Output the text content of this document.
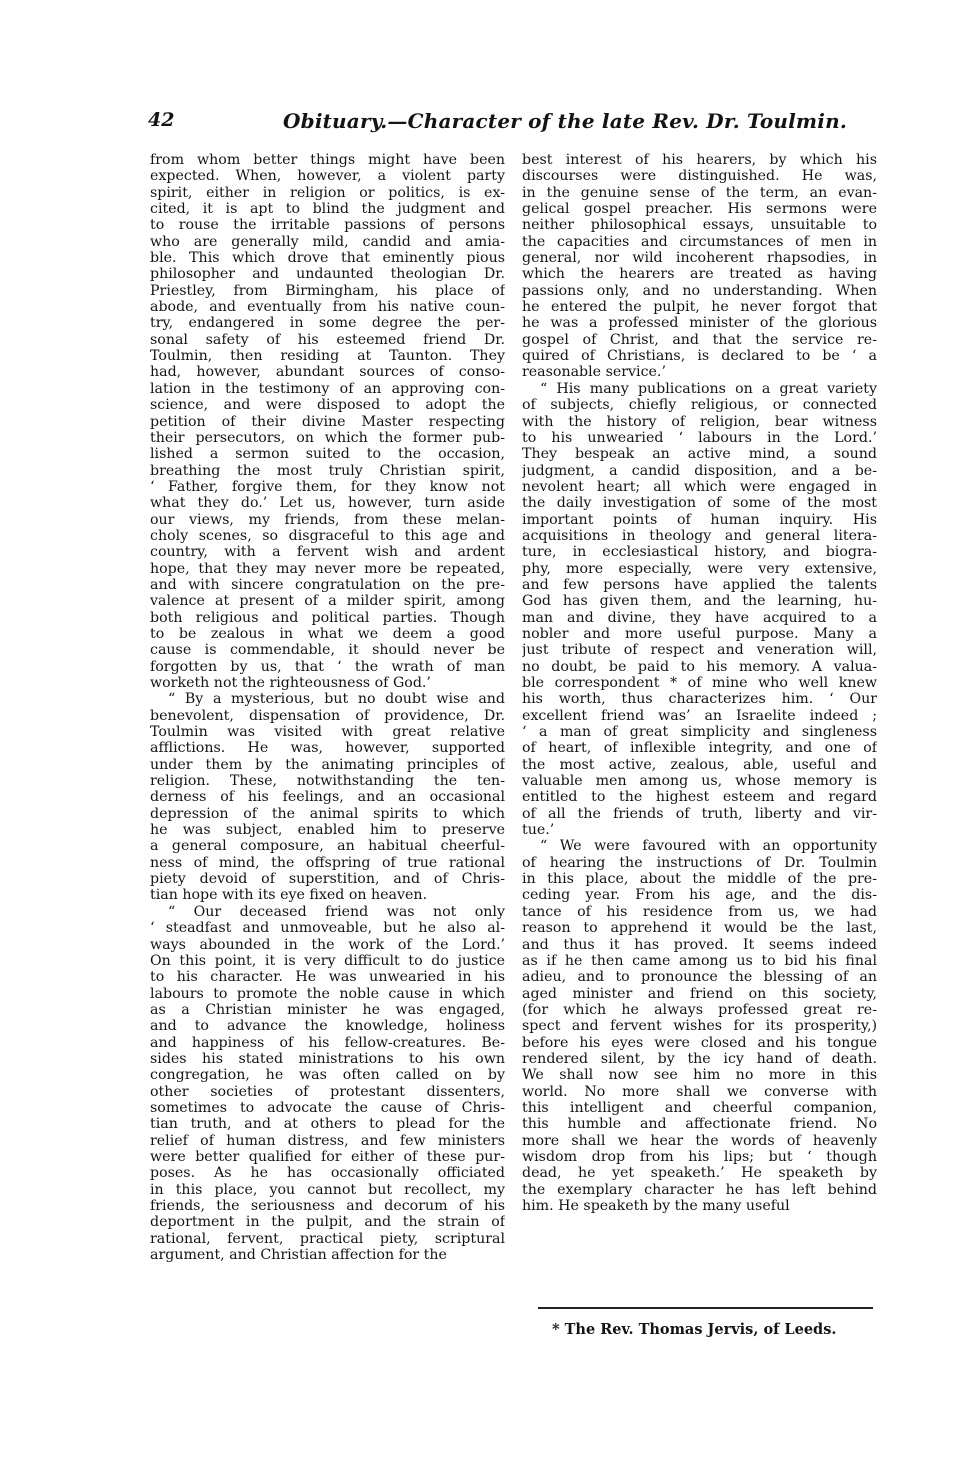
42	Obituary.—Character of the late Rev. Dr. Toulmin.
from whom better things might have been
expected. When, however, a violent party
spirit, either in religion or politics, is ex-
cited, it is apt to blind the judgment and
to rouse the irritable passions of persons
who are generally mild, candid and amia-
ble. This which drove that eminently pious
philosopher and undaunted theologian Dr.
Priestley, from Birmingham, his place of
abode, and eventually from his native coun-
try, endangered in some degree the per-
sonal safety of his esteemed friend Dr.
Toulmin, then residing at Taunton. They
had, however, abundant sources of conso-
lation in the testimony of an approving con-
science, and were disposed to adopt the
petition of their divine Master respecting
their persecutors, on which the former pub-
lished a sermon suited to the occasion,
breathing the most truly Christian spirit,
‘ Father, forgive them, for they know not
what they do.’ Let us, however, turn aside
our views, my friends, from these melan-
choly scenes, so disgraceful to this age and
country, with a fervent wish and ardent
hope, that they may never more be repeated,
and with sincere congratulation on the pre-
valence at present of a milder spirit, among
both religious and political parties. Though
to be zealous in what we deem a good
cause is commendable, it should never be
forgotten by us, that ‘ the wrath of man
worketh not the righteousness of God.’
“ By a mysterious, but no doubt wise and
benevolent, dispensation of providence, Dr.
Toulmin was visited with great relative
afflictions. He was, however, supported
under them by the animating principles of
religion. These, notwithstanding the ten-
derness of his feelings, and an occasional
depression of the animal spirits to which
he was subject, enabled him to preserve
a general composure, an habitual cheerful-
ness of mind, the offspring of true rational
piety devoid of superstition, and of Chris-
tian hope with its eye fixed on heaven.
“ Our deceased friend was not only
‘ steadfast and unmoveable, but he also al-
ways abounded in the work of the Lord.’
On this point, it is very difficult to do justice
to his character. He was unwearied in his
labours to promote the noble cause in which
as a Christian minister he was engaged,
and to advance the knowledge, holiness
and happiness of his fellow-creatures. Be-
sides his stated ministrations to his own
congregation, he was often called on by
other societies of protestant dissenters,
sometimes to advocate the cause of Chris-
tian truth, and at others to plead for the
relief of human distress, and few ministers
were better qualified for either of these pur-
poses. As he has occasionally officiated
in this place, you cannot but recollect, my
friends, the seriousness and decorum of his
deportment in the pulpit, and the strain of
rational, fervent, practical piety, scriptural
argument, and Christian affection for the
best interest of his hearers, by which his
discourses were distinguished. He was,
in the genuine sense of the term, an evan-
gelical gospel preacher. His sermons were
neither philosophical essays, unsuitable to
the capacities and circumstances of men in
general, nor wild incoherent rhapsodies, in
which the hearers are treated as having
passions only, and no understanding. When
he entered the pulpit, he never forgot that
he was a professed minister of the glorious
gospel of Christ, and that the service re-
quired of Christians, is declared to be ‘ a
reasonable service.’
“ His many publications on a great variety
of subjects, chiefly religious, or connected
with the history of religion, bear witness
to his unwearied ‘ labours in the Lord.’
They bespeak an active mind, a sound
judgment, a candid disposition, and a be-
nevolent heart; all which were engaged in
the daily investigation of some of the most
important points of human inquiry. His
acquisitions in theology and general litera-
ture, in ecclesiastical history, and biogra-
phy, more especially, were very extensive,
and few persons have applied the talents
God has given them, and the learning, hu-
man and divine, they have acquired to a
nobler and more useful purpose. Many a
just tribute of respect and veneration will,
no doubt, be paid to his memory. A valua-
ble correspondent * of mine who well knew
his worth, thus characterizes him. ‘ Our
excellent friend was’ an Israelite indeed ;
‘ a man of great simplicity and singleness
of heart, of inflexible integrity, and one of
the most active, zealous, able, useful and
valuable men among us, whose memory is
entitled to the highest esteem and regard
of all the friends of truth, liberty and vir-
tue.’
“ We were favoured with an opportunity
of hearing the instructions of Dr. Toulmin
in this place, about the middle of the pre-
ceding year. From his age, and the dis-
tance of his residence from us, we had
reason to apprehend it would be the last,
and thus it has proved. It seems indeed
as if he then came among us to bid his final
adieu, and to pronounce the blessing of an
aged minister and friend on this society,
(for which he always professed great re-
spect and fervent wishes for its prosperity,)
before his eyes were closed and his tongue
rendered silent, by the icy hand of death.
We shall now see him no more in this
world. No more shall we converse with
this intelligent and cheerful companion,
this humble and affectionate friend. No
more shall we hear the words of heavenly
wisdom drop from his lips; but ‘ though
dead, he yet speaketh.’ He speaketh by
the exemplary character he has left behind
him. He speaketh by the many useful
* The Rev. Thomas Jervis, of Leeds.
